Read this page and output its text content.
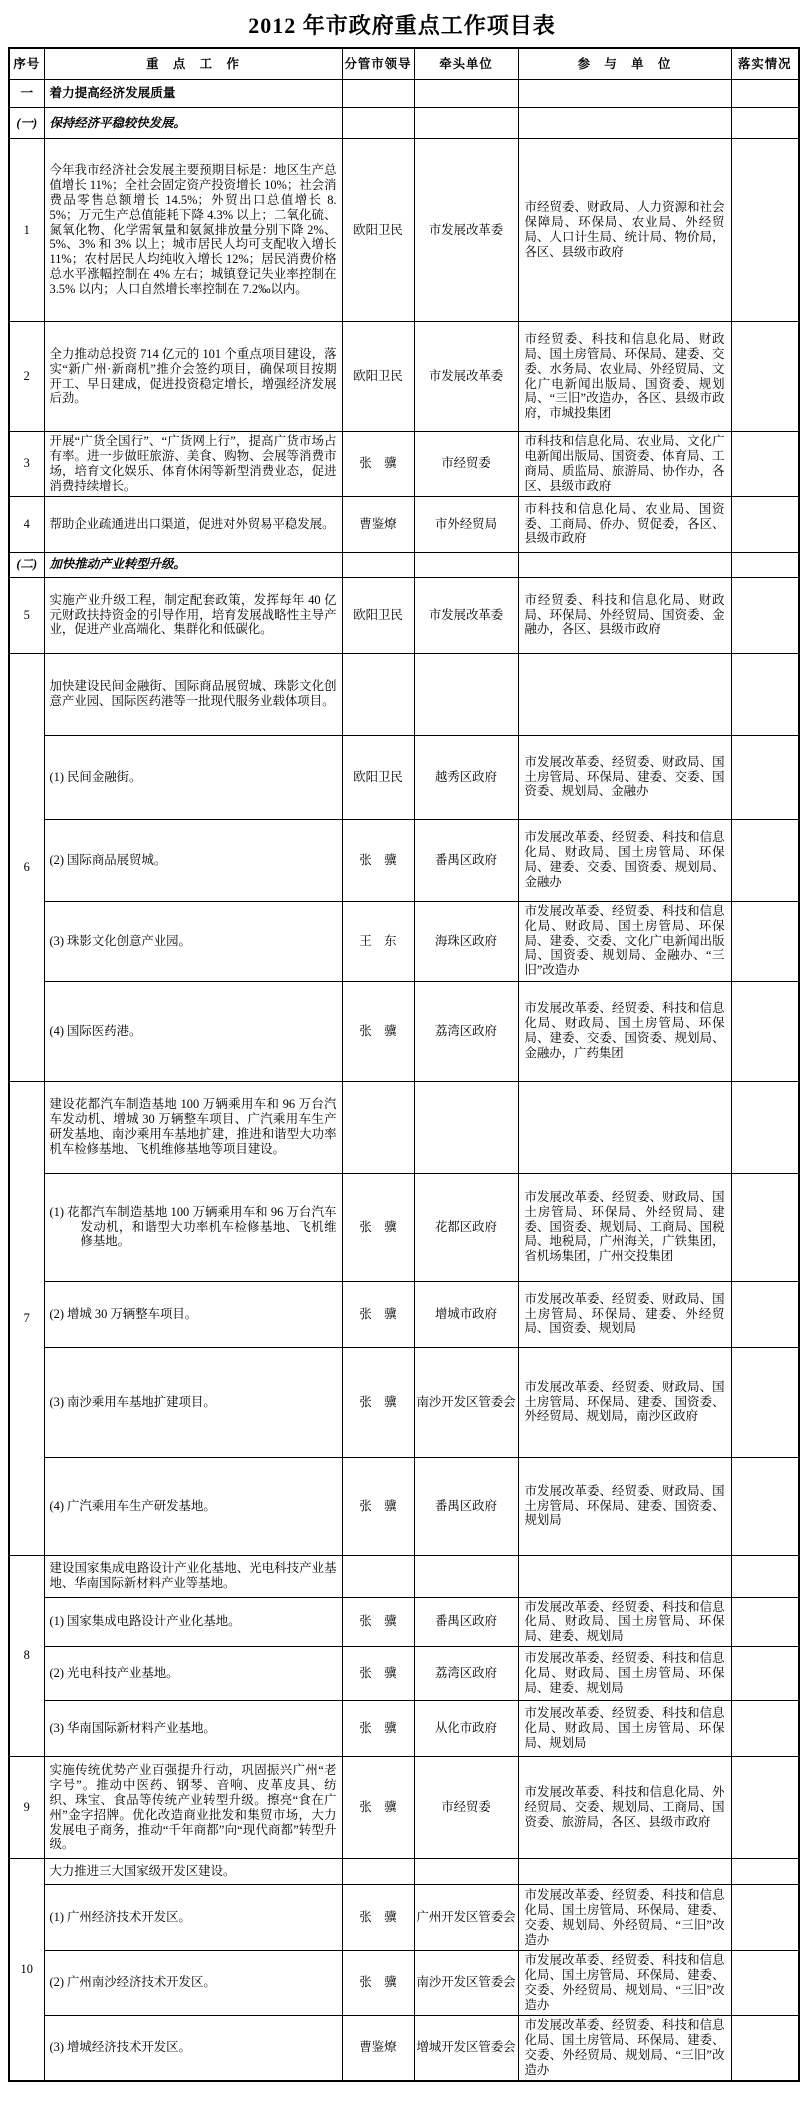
2012 年市政府重点工作项目表
序号	重　点　工　作	分管市领导	牵头单位	参　与　单　位	落实情况
一	着力提高经济发展质量				
(一)	保持经济平稳较快发展。				
1	今年我市经济社会发展主要预期目标是：地区生产总值增长 11%；全社会固定资产投资增长 10%；社会消费品零售总额增长 14.5%；外贸出口总值增长 8.5%；万元生产总值能耗下降 4.3% 以上；二氧化硫、氮氧化物、化学需氧量和氨氮排放量分别下降 2%、5%、3% 和 3% 以上；城市居民人均可支配收入增长 11%；农村居民人均纯收入增长 12%；居民消费价格总水平涨幅控制在 4% 左右；城镇登记失业率控制在 3.5% 以内；人口自然增长率控制在 7.2‰以内。	欧阳卫民	市发展改革委	市经贸委、财政局、人力资源和社会保障局、环保局、农业局、外经贸局、人口计生局、统计局、物价局，各区、县级市政府	
2	全力推动总投资 714 亿元的 101 个重点项目建设，落实“新广州·新商机”推介会签约项目，确保项目按期开工、早日建成，促进投资稳定增长，增强经济发展后劲。	欧阳卫民	市发展改革委	市经贸委、科技和信息化局、财政局、国土房管局、环保局、建委、交委、水务局、农业局、外经贸局、文化广电新闻出版局、国资委、规划局、“三旧”改造办，各区、县级市政府，市城投集团	
3	开展“广货全国行”、“广货网上行”，提高广货市场占有率。进一步做旺旅游、美食、购物、会展等消费市场，培育文化娱乐、体育休闲等新型消费业态，促进消费持续增长。	张　骥	市经贸委	市科技和信息化局、农业局、文化广电新闻出版局、国资委、体育局、工商局、质监局、旅游局、协作办，各区、县级市政府	
4	帮助企业疏通进出口渠道，促进对外贸易平稳发展。	曹鉴燎	市外经贸局	市科技和信息化局、农业局、国资委、工商局、侨办、贸促委，各区、县级市政府	
(二)	加快推动产业转型升级。				
5	实施产业升级工程，制定配套政策，发挥每年 40 亿元财政扶持资金的引导作用，培育发展战略性主导产业，促进产业高端化、集群化和低碳化。	欧阳卫民	市发展改革委	市经贸委、科技和信息化局、财政局、环保局、外经贸局、国资委、金融办，各区、县级市政府	
6	加快建设民间金融街、国际商品展贸城、珠影文化创意产业园、国际医药港等一批现代服务业载体项目。				
	(1) 民间金融街。	欧阳卫民	越秀区政府	市发展改革委、经贸委、财政局、国土房管局、环保局、建委、交委、国资委、规划局、金融办	
	(2) 国际商品展贸城。	张　骥	番禺区政府	市发展改革委、经贸委、科技和信息化局、财政局、国土房管局、环保局、建委、交委、国资委、规划局、金融办	
	(3) 珠影文化创意产业园。	王　东	海珠区政府	市发展改革委、经贸委、科技和信息化局、财政局、国土房管局、环保局、建委、交委、文化广电新闻出版局、国资委、规划局、金融办、“三旧”改造办	
	(4) 国际医药港。	张　骥	荔湾区政府	市发展改革委、经贸委、科技和信息化局、财政局、国土房管局、环保局、建委、交委、国资委、规划局、金融办，广药集团	
7	建设花都汽车制造基地 100 万辆乘用车和 96 万台汽车发动机、增城 30 万辆整车项目、广汽乘用车生产研发基地、南沙乘用车基地扩建，推进和谐型大功率机车检修基地、飞机维修基地等项目建设。				
	(1) 花都汽车制造基地 100 万辆乘用车和 96 万台汽车发动机，和谐型大功率机车检修基地、飞机维修基地。	张　骥	花都区政府	市发展改革委、经贸委、财政局、国土房管局、环保局、外经贸局、建委、国资委、规划局、工商局、国税局、地税局，广州海关，广铁集团，省机场集团，广州交投集团	
	(2) 增城 30 万辆整车项目。	张　骥	增城市政府	市发展改革委、经贸委、财政局、国土房管局、环保局、建委、外经贸局、国资委、规划局	
	(3) 南沙乘用车基地扩建项目。	张　骥	南沙开发区管委会	市发展改革委、经贸委、财政局、国土房管局、环保局、建委、国资委、外经贸局、规划局，南沙区政府	
	(4) 广汽乘用车生产研发基地。	张　骥	番禺区政府	市发展改革委、经贸委、财政局、国土房管局、环保局、建委、国资委、规划局	
8	建设国家集成电路设计产业化基地、光电科技产业基地、华南国际新材料产业等基地。				
	(1) 国家集成电路设计产业化基地。	张　骥	番禺区政府	市发展改革委、经贸委、科技和信息化局、财政局、国土房管局、环保局、建委、规划局	
	(2) 光电科技产业基地。	张　骥	荔湾区政府	市发展改革委、经贸委、科技和信息化局、财政局、国土房管局、环保局、建委、规划局	
	(3) 华南国际新材料产业基地。	张　骥	从化市政府	市发展改革委、经贸委、科技和信息化局、财政局、国土房管局、环保局、规划局	
9	实施传统优势产业百强提升行动，巩固振兴广州“老字号”。推动中医药、钢琴、音响、皮革皮具、纺织、珠宝、食品等传统产业转型升级。擦亮“食在广州”金字招牌。优化改造商业批发和集贸市场，大力发展电子商务，推动“千年商都”向“现代商都”转型升级。	张　骥	市经贸委	市发展改革委、科技和信息化局、外经贸局、交委、规划局、工商局、国资委、旅游局，各区、县级市政府	
10	大力推进三大国家级开发区建设。				
	(1) 广州经济技术开发区。	张　骥	广州开发区管委会	市发展改革委、经贸委、科技和信息化局、国土房管局、环保局、建委、交委、规划局、外经贸局、“三旧”改造办	
	(2) 广州南沙经济技术开发区。	张　骥	南沙开发区管委会	市发展改革委、经贸委、科技和信息化局、国土房管局、环保局、建委、交委、外经贸局、规划局、“三旧”改造办	
	(3) 增城经济技术开发区。	曹鉴燎	增城开发区管委会	市发展改革委、经贸委、科技和信息化局、国土房管局、环保局、建委、交委、外经贸局、规划局、“三旧”改造办	
